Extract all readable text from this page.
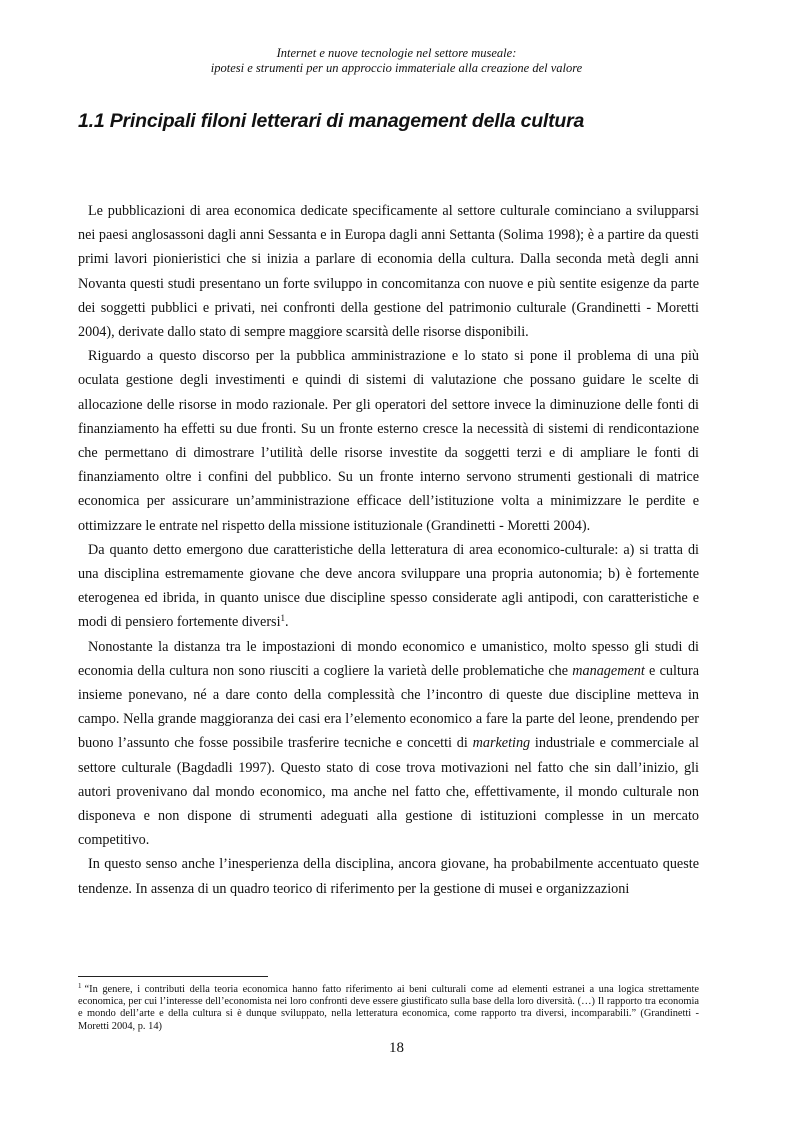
Internet e nuove tecnologie nel settore museale:
ipotesi e strumenti per un approccio immateriale alla creazione del valore
1.1 Principali filoni letterari di management della cultura

Le pubblicazioni di area economica dedicate specificamente al settore culturale cominciano a svilupparsi nei paesi anglosassoni dagli anni Sessanta e in Europa dagli anni Settanta (Solima 1998); è a partire da questi primi lavori pionieristici che si inizia a parlare di economia della cultura. Dalla seconda metà degli anni Novanta questi studi presentano un forte sviluppo in concomitanza con nuove e più sentite esigenze da parte dei soggetti pubblici e privati, nei confronti della gestione del patrimonio culturale (Grandinetti - Moretti 2004), derivate dallo stato di sempre maggiore scarsità delle risorse disponibili.

Riguardo a questo discorso per la pubblica amministrazione e lo stato si pone il problema di una più oculata gestione degli investimenti e quindi di sistemi di valutazione che possano guidare le scelte di allocazione delle risorse in modo razionale. Per gli operatori del settore invece la diminuzione delle fonti di finanziamento ha effetti su due fronti. Su un fronte esterno cresce la necessità di sistemi di rendicontazione che permettano di dimostrare l’utilità delle risorse investite da soggetti terzi e di ampliare le fonti di finanziamento oltre i confini del pubblico. Su un fronte interno servono strumenti gestionali di matrice economica per assicurare un’amministrazione efficace dell’istituzione volta a minimizzare le perdite e ottimizzare le entrate nel rispetto della missione istituzionale (Grandinetti - Moretti 2004).

Da quanto detto emergono due caratteristiche della letteratura di area economico-culturale: a) si tratta di una disciplina estremamente giovane che deve ancora sviluppare una propria autonomia; b) è fortemente eterogenea ed ibrida, in quanto unisce due discipline spesso considerate agli antipodi, con caratteristiche e modi di pensiero fortemente diversi$^1$.

Nonostante la distanza tra le impostazioni di mondo economico e umanistico, molto spesso gli studi di economia della cultura non sono riusciti a cogliere la varietà delle problematiche che management e cultura insieme ponevano, né a dare conto della complessità che l’incontro di queste due discipline metteva in campo. Nella grande maggioranza dei casi era l’elemento economico a fare la parte del leone, prendendo per buono l’assunto che fosse possibile trasferire tecniche e concetti di marketing industriale e commerciale al settore culturale (Bagdadli 1997). Questo stato di cose trova motivazioni nel fatto che sin dall’inizio, gli autori provenivano dal mondo economico, ma anche nel fatto che, effettivamente, il mondo culturale non disponeva e non dispone di strumenti adeguati alla gestione di istituzioni complesse in un mercato competitivo.

In questo senso anche l’inesperienza della disciplina, ancora giovane, ha probabilmente accentuato queste tendenze. In assenza di un quadro teorico di riferimento per la gestione di musei e organizzazioni

$^1$ “In genere, i contributi della teoria economica hanno fatto riferimento ai beni culturali come ad elementi estranei a una logica strettamente economica, per cui l’interesse dell’economista nei loro confronti deve essere giustificato sulla base della loro diversità. (…) Il rapporto tra economia e mondo dell’arte e della cultura si è dunque sviluppato, nella letteratura economica, come rapporto tra diversi, incomparabili.” (Grandinetti - Moretti 2004, p. 14)
18
